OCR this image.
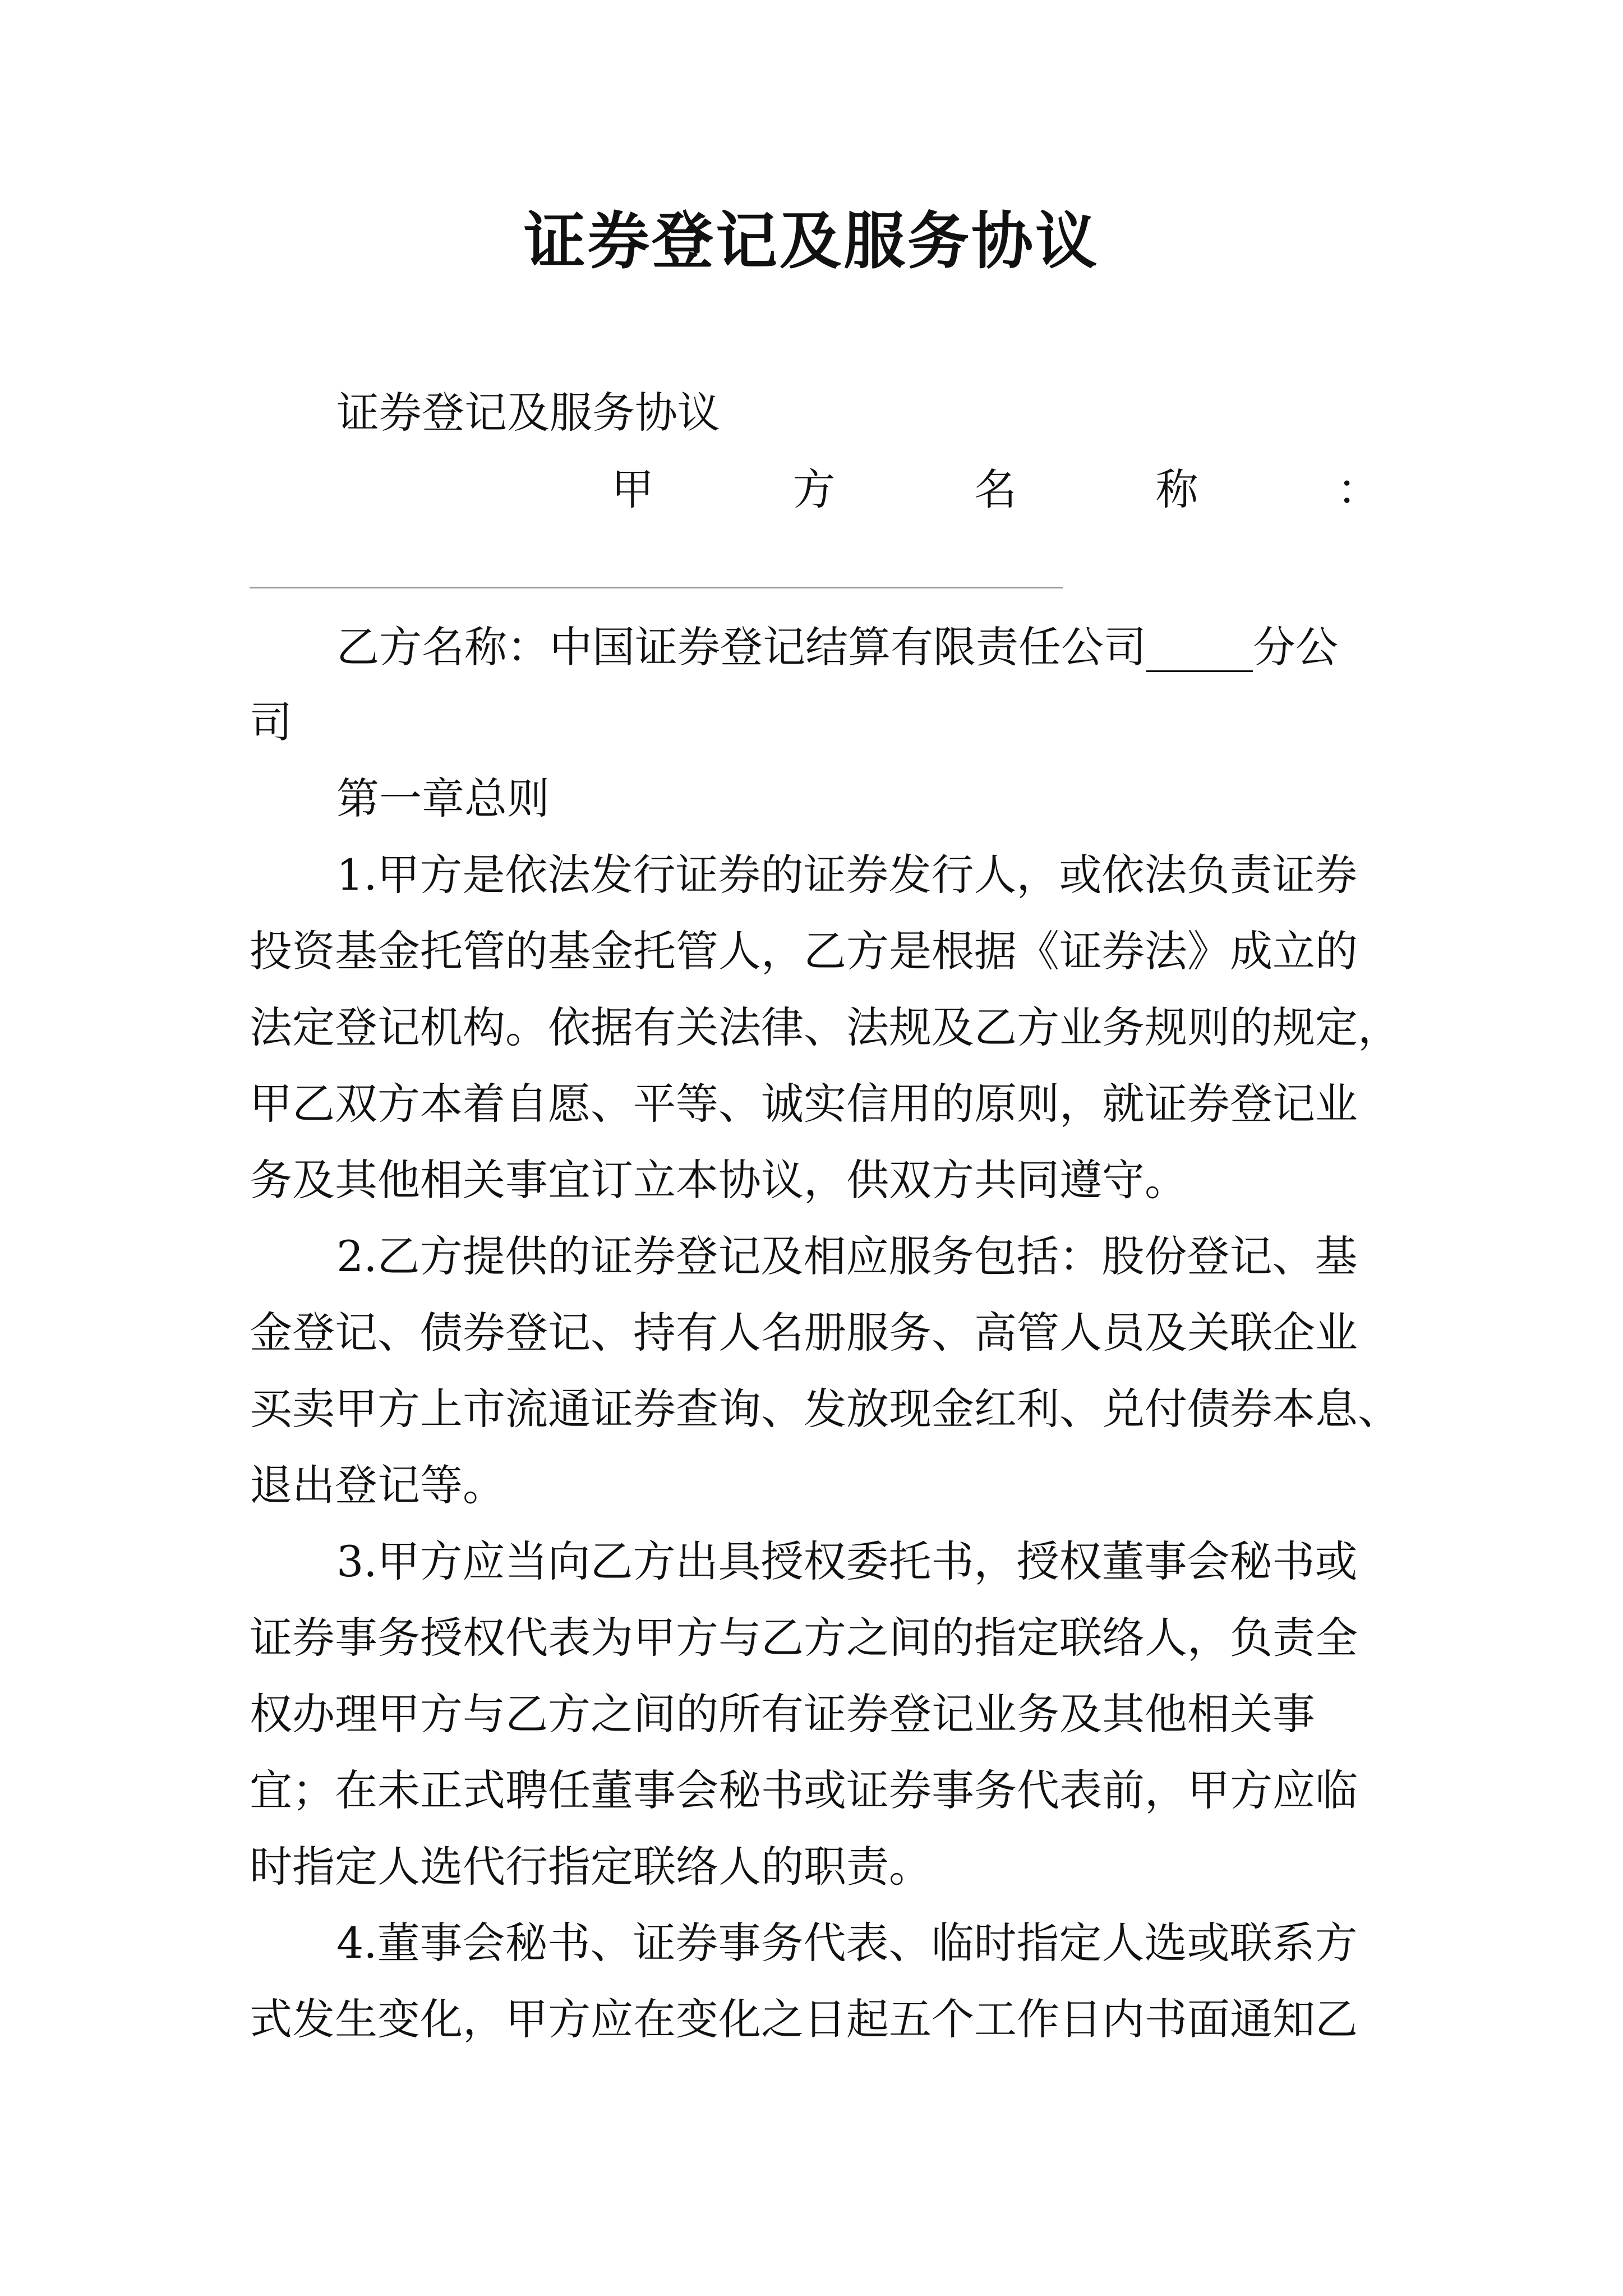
证券登记及服务协议
证券登记及服务协议
甲	方	名	称	：
乙方名称：中国证券登记结算有限责任公司_____分公
司
第一章总则
1.甲方是依法发行证券的证券发行人，或依法负责证券
投资基金托管的基金托管人，乙方是根据《证券法》成立的
法定登记机构。依据有关法律、法规及乙方业务规则的规定，
甲乙双方本着自愿、平等、诚实信用的原则，就证券登记业
务及其他相关事宜订立本协议，供双方共同遵守。
2.乙方提供的证券登记及相应服务包括：股份登记、基
金登记、债券登记、持有人名册服务、高管人员及关联企业
买卖甲方上市流通证券查询、发放现金红利、兑付债券本息、
退出登记等。
3.甲方应当向乙方出具授权委托书，授权董事会秘书或
证券事务授权代表为甲方与乙方之间的指定联络人，负责全
权办理甲方与乙方之间的所有证券登记业务及其他相关事
宜；在未正式聘任董事会秘书或证券事务代表前，甲方应临
时指定人选代行指定联络人的职责。
4.董事会秘书、证券事务代表、临时指定人选或联系方
式发生变化，甲方应在变化之日起五个工作日内书面通知乙
